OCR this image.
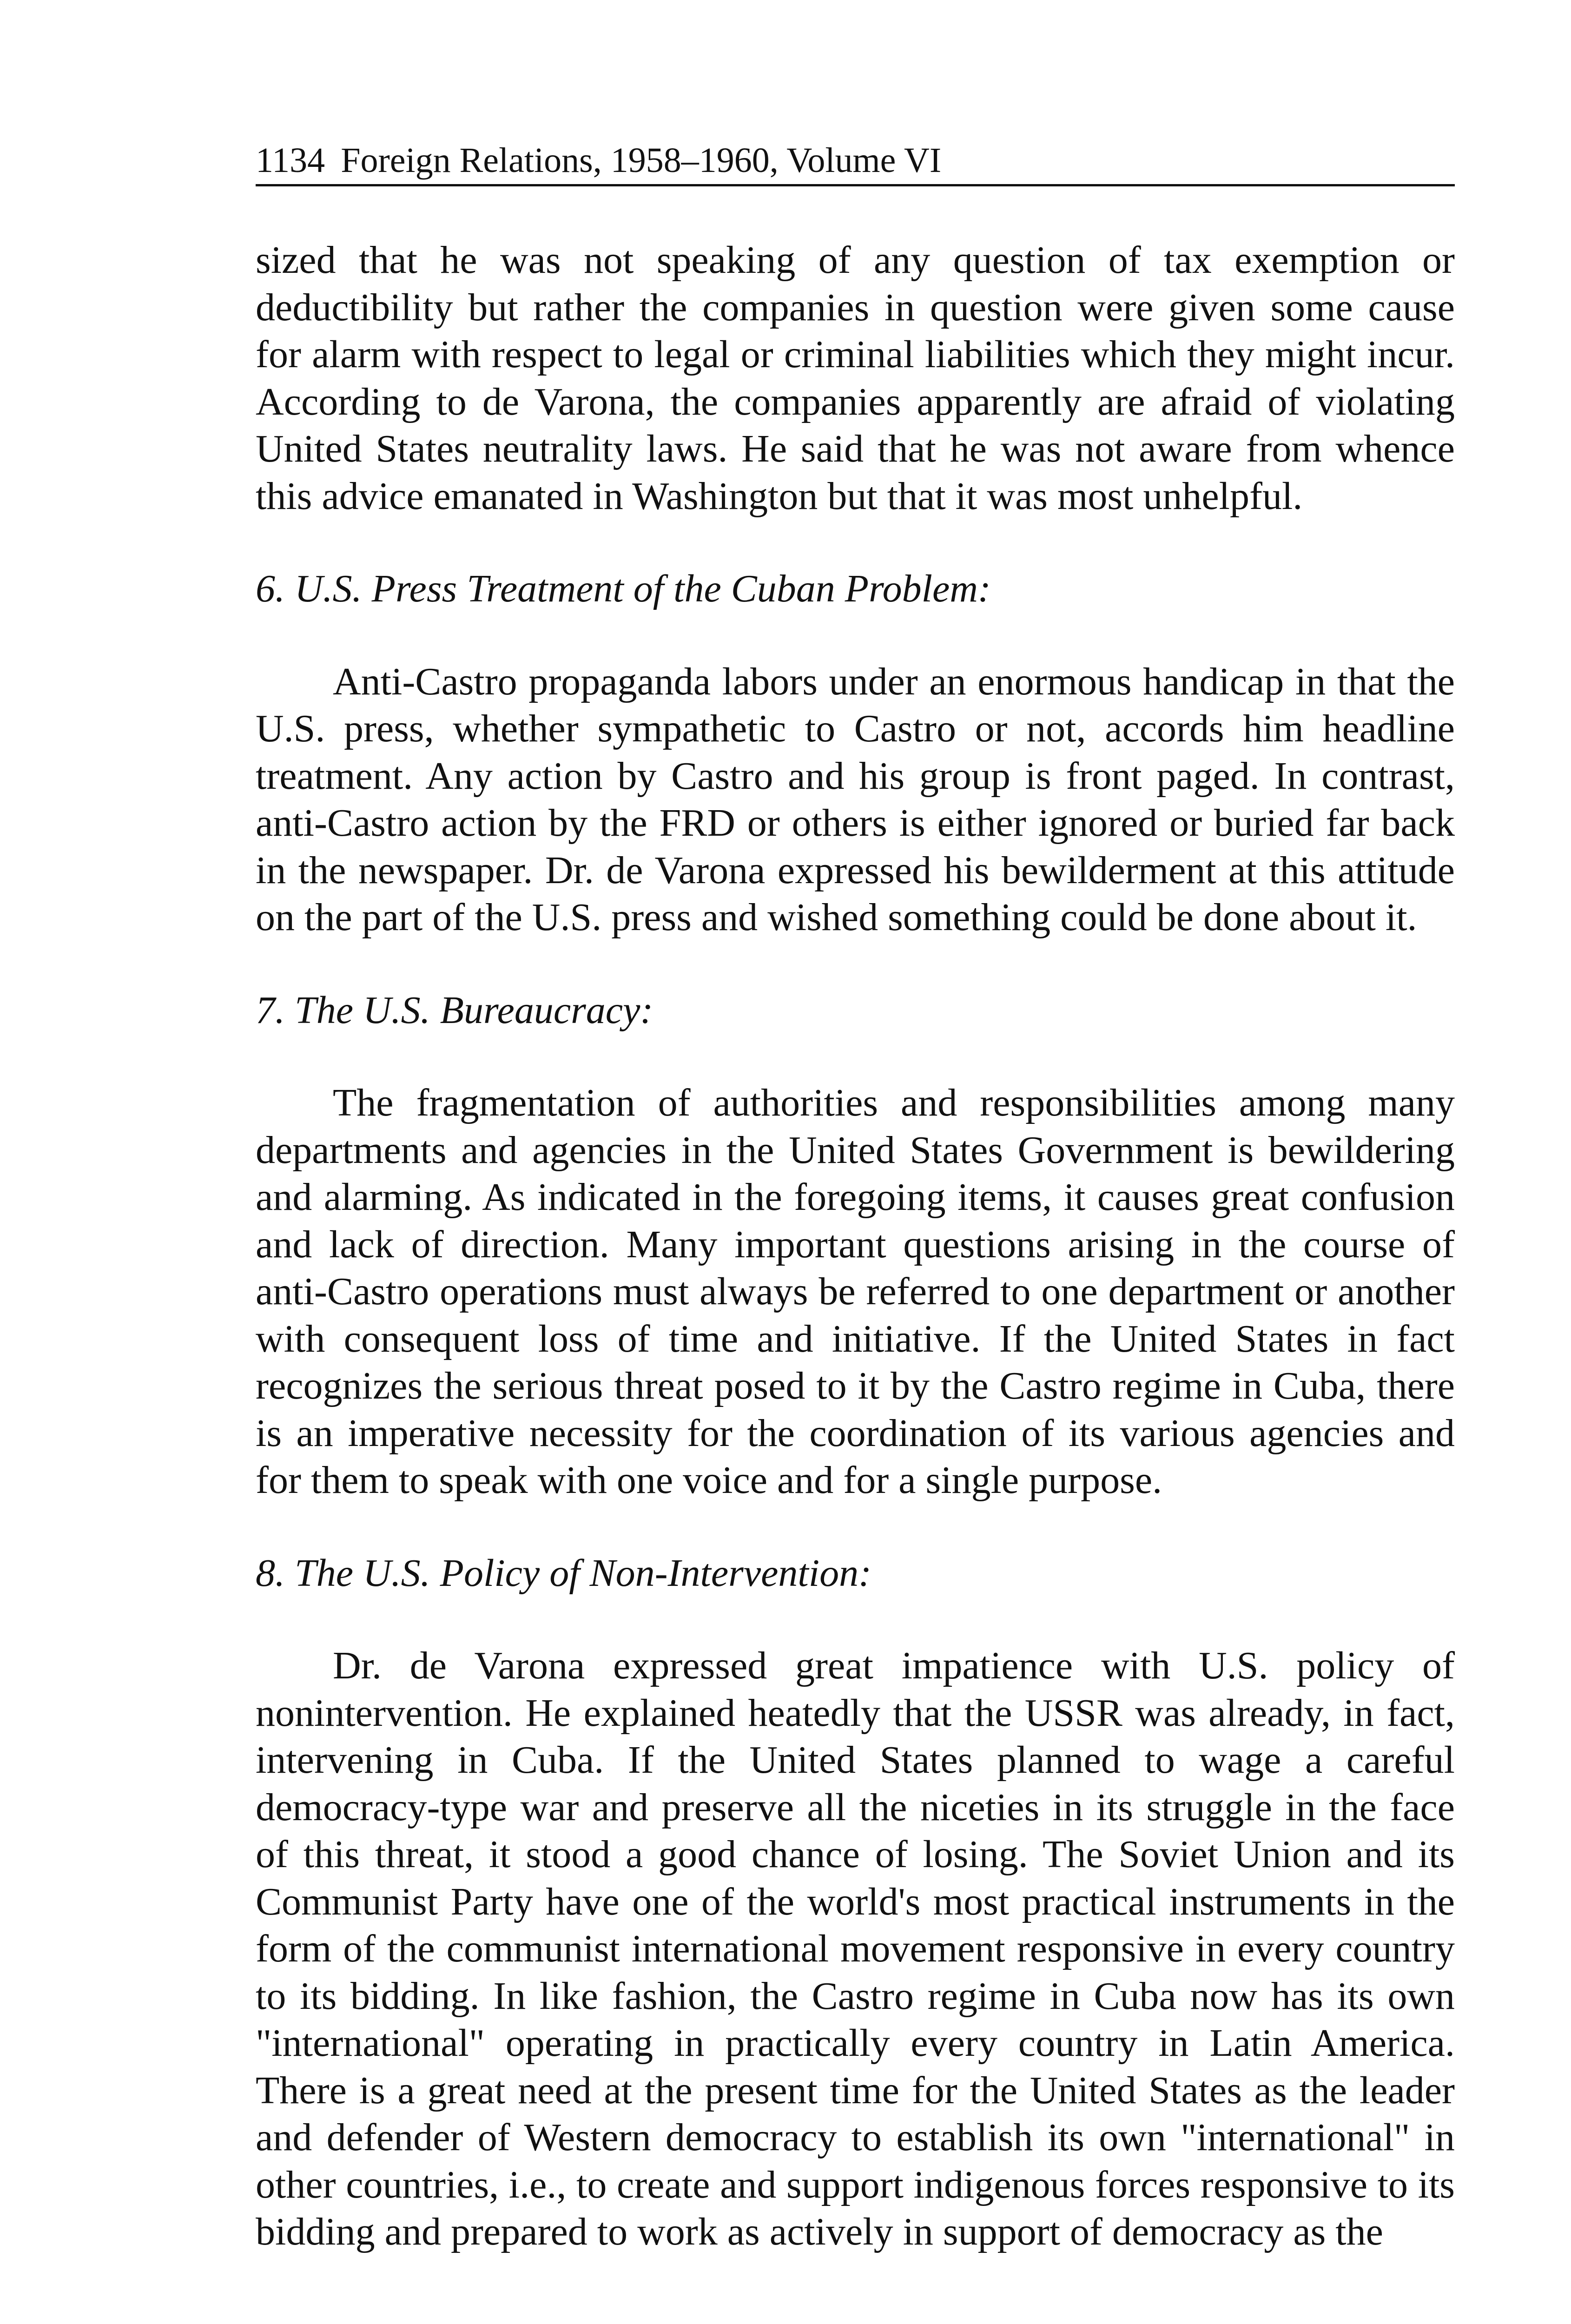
1134 Foreign Relations, 1958–1960, Volume VI

sized that he was not speaking of any question of tax exemption or deductibility but rather the companies in question were given some cause for alarm with respect to legal or criminal liabilities which they might incur. According to de Varona, the companies apparently are afraid of violating United States neutrality laws. He said that he was not aware from whence this advice emanated in Washington but that it was most unhelpful.

6. U.S. Press Treatment of the Cuban Problem:

Anti-Castro propaganda labors under an enormous handicap in that the U.S. press, whether sympathetic to Castro or not, accords him headline treatment. Any action by Castro and his group is front paged. In contrast, anti-Castro action by the FRD or others is either ignored or buried far back in the newspaper. Dr. de Varona expressed his bewilderment at this attitude on the part of the U.S. press and wished something could be done about it.

7. The U.S. Bureaucracy:

The fragmentation of authorities and responsibilities among many departments and agencies in the United States Government is bewildering and alarming. As indicated in the foregoing items, it causes great confusion and lack of direction. Many important questions arising in the course of anti-Castro operations must always be referred to one department or another with consequent loss of time and initiative. If the United States in fact recognizes the serious threat posed to it by the Castro regime in Cuba, there is an imperative necessity for the coordination of its various agencies and for them to speak with one voice and for a single purpose.

8. The U.S. Policy of Non-Intervention:

Dr. de Varona expressed great impatience with U.S. policy of nonintervention. He explained heatedly that the USSR was already, in fact, intervening in Cuba. If the United States planned to wage a careful democracy-type war and preserve all the niceties in its struggle in the face of this threat, it stood a good chance of losing. The Soviet Union and its Communist Party have one of the world's most practical instruments in the form of the communist international movement responsive in every country to its bidding. In like fashion, the Castro regime in Cuba now has its own "international" operating in practically every country in Latin America. There is a great need at the present time for the United States as the leader and defender of Western democracy to establish its own "international" in other countries, i.e., to create and support indigenous forces responsive to its bidding and prepared to work as actively in support of democracy as the
